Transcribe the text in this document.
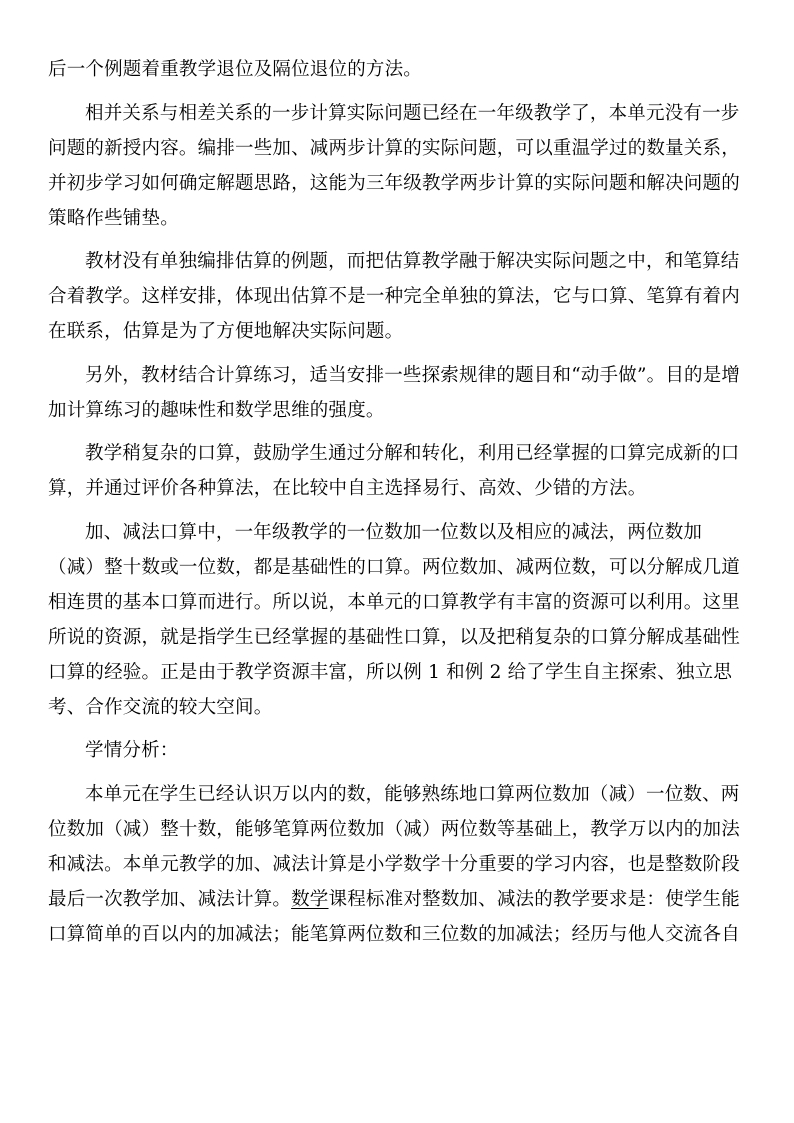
后一个例题着重教学退位及隔位退位的方法。

相并关系与相差关系的一步计算实际问题已经在一年级教学了，本单元没有一步问题的新授内容。编排一些加、减两步计算的实际问题，可以重温学过的数量关系，并初步学习如何确定解题思路，这能为三年级教学两步计算的实际问题和解决问题的策略作些铺垫。

教材没有单独编排估算的例题，而把估算教学融于解决实际问题之中，和笔算结合着教学。这样安排，体现出估算不是一种完全单独的算法，它与口算、笔算有着内在联系，估算是为了方便地解决实际问题。

另外，教材结合计算练习，适当安排一些探索规律的题目和“动手做”。目的是增加计算练习的趣味性和数学思维的强度。

教学稍复杂的口算，鼓励学生通过分解和转化，利用已经掌握的口算完成新的口算，并通过评价各种算法，在比较中自主选择易行、高效、少错的方法。

加、减法口算中，一年级教学的一位数加一位数以及相应的减法，两位数加（减）整十数或一位数，都是基础性的口算。两位数加、减两位数，可以分解成几道相连贯的基本口算而进行。所以说，本单元的口算教学有丰富的资源可以利用。这里所说的资源，就是指学生已经掌握的基础性口算，以及把稍复杂的口算分解成基础性口算的经验。正是由于教学资源丰富，所以例 1 和例 2 给了学生自主探索、独立思考、合作交流的较大空间。

学情分析：

本单元在学生已经认识万以内的数，能够熟练地口算两位数加（减）一位数、两位数加（减）整十数，能够笔算两位数加（减）两位数等基础上，教学万以内的加法和减法。本单元教学的加、减法计算是小学数学十分重要的学习内容，也是整数阶段最后一次教学加、减法计算。数学课程标准对整数加、减法的教学要求是：使学生能口算简单的百以内的加减法；能笔算两位数和三位数的加减法；经历与他人交流各自
